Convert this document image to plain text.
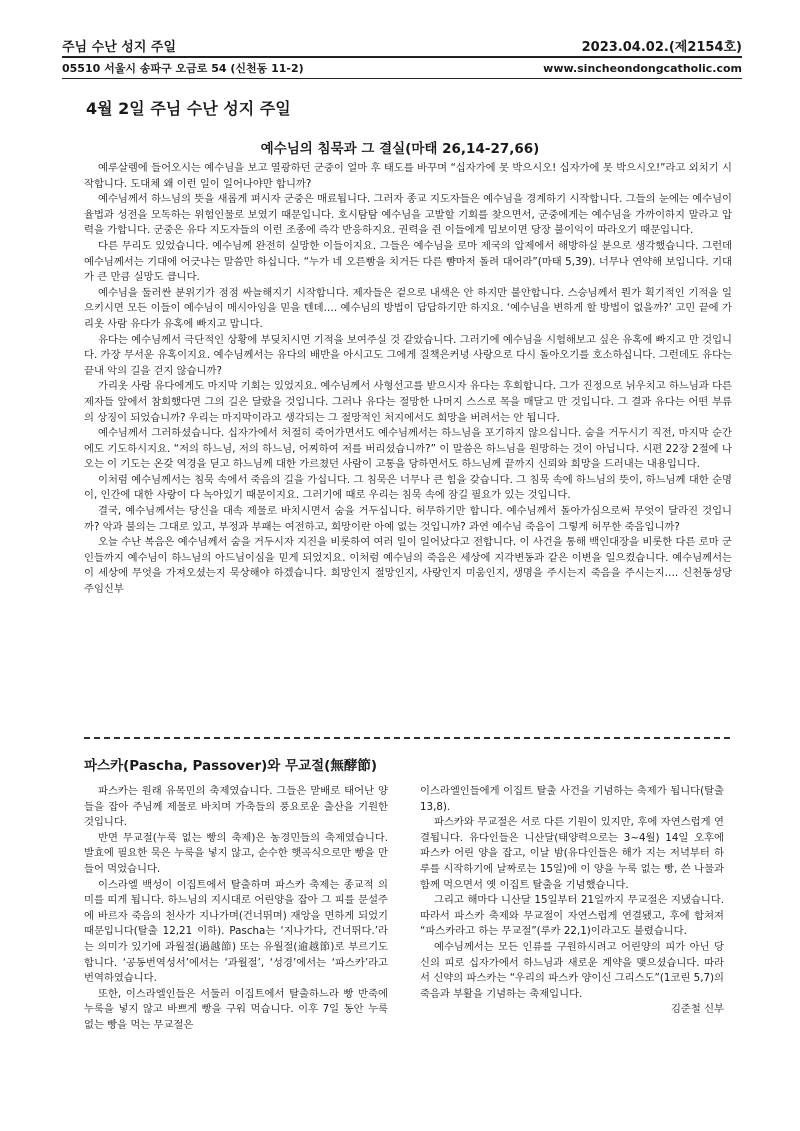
주님 수난 성지 주일	2023.04.02.(제2154호)
05510 서울시 송파구 오금로 54 (신천동 11-2)	www.sincheondongcatholic.com
4월 2일 주님 수난 성지 주일
예수님의 침묵과 그 결실(마태 26,14-27,66)

예루살렘에 들어오시는 예수님을 보고 열광하던 군중이 얼마 후 태도를 바꾸며 “십자가에 못 박으시오! 십자가에 못 박으시오!”라고 외치기 시작합니다. 도대체 왜 이런 일이 일어나야만 합니까?

예수님께서 하느님의 뜻을 새롭게 펴시자 군중은 매료됩니다. 그러자 종교 지도자들은 예수님을 경계하기 시작합니다. 그들의 눈에는 예수님이 율법과 성전을 모독하는 위험인물로 보였기 때문입니다. 호시탐탐 예수님을 고발할 기회를 찾으면서, 군중에게는 예수님을 가까이하지 말라고 압력을 가합니다. 군중은 유다 지도자들의 이런 조종에 즉각 반응하지요. 권력을 쥔 이들에게 밉보이면 당장 불이익이 따라오기 때문입니다.

다른 무리도 있었습니다. 예수님께 완전히 실망한 이들이지요. 그들은 예수님을 로마 제국의 압제에서 해방하실 분으로 생각했습니다. 그런데 예수님께서는 기대에 어긋나는 말씀만 하십니다. “누가 네 오른빰을 치거든 다른 뺨마저 돌려 대어라”(마태 5,39). 너무나 연약해 보입니다. 기대가 큰 만큼 실망도 큽니다.

예수님을 둘러싼 분위기가 점점 싸늘해지기 시작합니다. 제자들은 겉으로 내색은 안 하지만 불안합니다. 스승님께서 뭔가 획기적인 기적을 일으키시면 모든 이들이 예수님이 메시아임을 믿을 텐데…. 예수님의 방법이 답답하기만 하지요. ‘예수님을 변하게 할 방법이 없을까?’ 고민 끝에 가리옷 사람 유다가 유혹에 빠지고 맙니다.

유다는 예수님께서 극단적인 상황에 부딪치시면 기적을 보여주실 것 같았습니다. 그러기에 예수님을 시험해보고 싶은 유혹에 빠지고 만 것입니다. 가장 무서운 유혹이지요. 예수님께서는 유다의 배반을 아시고도 그에게 질책은커녕 사랑으로 다시 돌아오기를 호소하십니다. 그런데도 유다는 끝내 악의 길을 걷지 않습니까?

가리옷 사람 유다에게도 마지막 기회는 있었지요. 예수님께서 사형선고를 받으시자 유다는 후회합니다. 그가 진정으로 뉘우치고 하느님과 다른 제자들 앞에서 참회했다면 그의 길은 달랐을 것입니다. 그러나 유다는 절망한 나머지 스스로 목을 매달고 만 것입니다. 그 결과 유다는 어떤 부류의 상징이 되었습니까? 우리는 마지막이라고 생각되는 그 절망적인 처지에서도 희망을 버려서는 안 됩니다.

예수님께서 그러하셨습니다. 십자가에서 처절히 죽어가면서도 예수님께서는 하느님을 포기하지 않으십니다. 숨을 거두시기 직전, 마지막 순간에도 기도하시지요. “저의 하느님, 저의 하느님, 어찌하여 저를 버리셨습니까?” 이 말씀은 하느님을 원망하는 것이 아닙니다. 시편 22장 2절에 나오는 이 기도는 온갖 역경을 딛고 하느님께 대한 가르쳤던 사람이 고통을 당하면서도 하느님께 끝까지 신뢰와 희망을 드러내는 내용입니다.

이처럼 예수님께서는 침묵 속에서 죽음의 길을 가십니다. 그 침묵은 너무나 큰 힘을 갖습니다. 그 침묵 속에 하느님의 뜻이, 하느님께 대한 순명이, 인간에 대한 사랑이 다 녹아있기 때문이지요. 그러기에 때로 우리는 침묵 속에 잠길 필요가 있는 것입니다.

결국, 예수님께서는 당신을 대속 제물로 바치시면서 숨을 거두십니다. 허무하기만 합니다. 예수님께서 돌아가심으로써 무엇이 달라진 것입니까? 악과 불의는 그대로 있고, 부정과 부패는 여전하고, 희망이란 아예 없는 것입니까? 과연 예수님 죽음이 그렇게 허무한 죽음입니까?

오늘 수난 복음은 예수님께서 숨을 거두시자 지진을 비롯하여 여러 일이 일어났다고 전합니다. 이 사건을 통해 백인대장을 비롯한 다른 로마 군인들까지 예수님이 하느님의 아드님이심을 믿게 되었지요. 이처럼 예수님의 죽음은 세상에 지각변동과 같은 이변을 일으켰습니다. 예수님께서는 이 세상에 무엇을 가져오셨는지 묵상해야 하겠습니다. 희망인지 절망인지, 사랑인지 미움인지, 생명을 주시는지 죽음을 주시는지…. 신천동성당 주임신부

파스카(Pascha, Passover)와 무교절(無酵節)

파스카는 원래 유목민의 축제였습니다. 그들은 맏배로 태어난 양들을 잡아 주님께 제물로 바치며 가축들의 풍요로운 출산을 기원한 것입니다.

반면 무교절(누룩 없는 빵의 축제)은 농경민들의 축제였습니다. 발효에 필요한 묵은 누룩을 넣지 않고, 순수한 햇곡식으로만 빵을 만들어 먹었습니다.

이스라엘 백성이 이집트에서 탈출하며 파스카 축제는 종교적 의미를 띠게 됩니다. 하느님의 지시대로 어린양을 잡아 그 피를 문설주에 바르자 죽음의 천사가 지나가며(건너뛰며) 재앙을 면하게 되었기 때문입니다(탈출 12,21 이하). Pascha는 ‘지나가다, 건너뛰다.’라는 의미가 있기에 과월절(過越節) 또는 유월절(逾越節)로 부르기도 합니다. ‘공동번역성서’에서는 ‘과월절’, ‘성경’에서는 ‘파스카’라고 번역하였습니다.

또한, 이스라엘인들은 서둘러 이집트에서 탈출하느라 빵 반죽에 누룩을 넣지 않고 바쁘게 빵을 구워 먹습니다. 이후 7일 동안 누룩 없는 빵을 먹는 무교절은

이스라엘인들에게 이집트 탈출 사건을 기념하는 축제가 됩니다(탈출 13,8).

파스카와 무교절은 서로 다른 기원이 있지만, 후에 자연스럽게 연결됩니다. 유다인들은 니산달(태양력으로는 3~4월) 14일 오후에 파스카 어린 양을 잡고, 이날 밤(유다인들은 해가 지는 저녁부터 하루를 시작하기에 날짜로는 15일)에 이 양을 누룩 없는 빵, 쓴 나물과 함께 먹으면서 옛 이집트 탈출을 기념했습니다.

그리고 해마다 니산달 15일부터 21일까지 무교절은 지냈습니다. 따라서 파스카 축제와 무교절이 자연스럽게 연결됐고, 후에 합쳐져 “파스카라고 하는 무교절”(루카 22,1)이라고도 불렸습니다.

예수님께서는 모든 인류를 구원하시려고 어린양의 피가 아닌 당신의 피로 십자가에서 하느님과 새로운 계약을 맺으셨습니다. 따라서 신약의 파스카는 “우리의 파스카 양이신 그리스도”(1코린 5,7)의 죽음과 부활을 기념하는 축제입니다.

김준철 신부
